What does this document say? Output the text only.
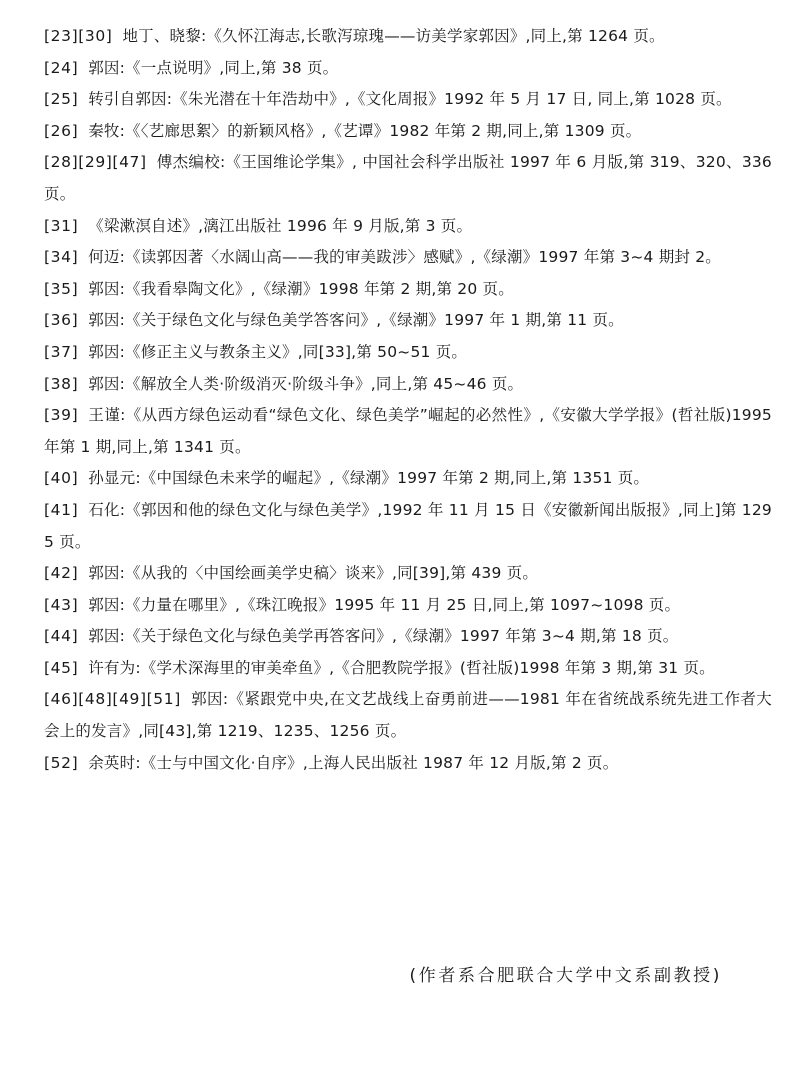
[23][30] 地丁、晓黎:《久怀江海志,长歌泻琼瑰——访美学家郭因》,同上,第 1264 页。
[24] 郭因:《一点说明》,同上,第 38 页。
[25] 转引自郭因:《朱光潜在十年浩劫中》,《文化周报》1992 年 5 月 17 日, 同上,第 1028 页。
[26] 秦牧:《〈艺廊思絮〉的新颖风格》,《艺谭》1982 年第 2 期,同上,第 1309 页。
[28][29][47] 傅杰编校:《王国维论学集》, 中国社会科学出版社 1997 年 6 月版,第 319、320、336 页。
[31] 《梁漱溟自述》,漓江出版社 1996 年 9 月版,第 3 页。
[34] 何迈:《读郭因著〈水阔山高——我的审美跋涉〉感赋》,《绿潮》1997 年第 3~4 期封 2。
[35] 郭因:《我看皋陶文化》,《绿潮》1998 年第 2 期,第 20 页。
[36] 郭因:《关于绿色文化与绿色美学答客问》,《绿潮》1997 年 1 期,第 11 页。
[37] 郭因:《修正主义与教条主义》,同[33],第 50~51 页。
[38] 郭因:《解放全人类·阶级消灭·阶级斗争》,同上,第 45~46 页。
[39] 王谨:《从西方绿色运动看“绿色文化、绿色美学”崛起的必然性》,《安徽大学学报》(哲社版)1995 年第 1 期,同上,第 1341 页。
[40] 孙显元:《中国绿色未来学的崛起》,《绿潮》1997 年第 2 期,同上,第 1351 页。
[41] 石化:《郭因和他的绿色文化与绿色美学》,1992 年 11 月 15 日《安徽新闻出版报》,同上]第 1295 页。
[42] 郭因:《从我的〈中国绘画美学史稿〉谈来》,同[39],第 439 页。
[43] 郭因:《力量在哪里》,《珠江晚报》1995 年 11 月 25 日,同上,第 1097~1098 页。
[44] 郭因:《关于绿色文化与绿色美学再答客问》,《绿潮》1997 年第 3~4 期,第 18 页。
[45] 许有为:《学术深海里的审美牵鱼》,《合肥教院学报》(哲社版)1998 年第 3 期,第 31 页。
[46][48][49][51] 郭因:《紧跟党中央,在文艺战线上奋勇前进——1981 年在省统战系统先进工作者大会上的发言》,同[43],第 1219、1235、1256 页。
[52] 余英时:《士与中国文化·自序》,上海人民出版社 1987 年 12 月版,第 2 页。
(作者系合肥联合大学中文系副教授)
